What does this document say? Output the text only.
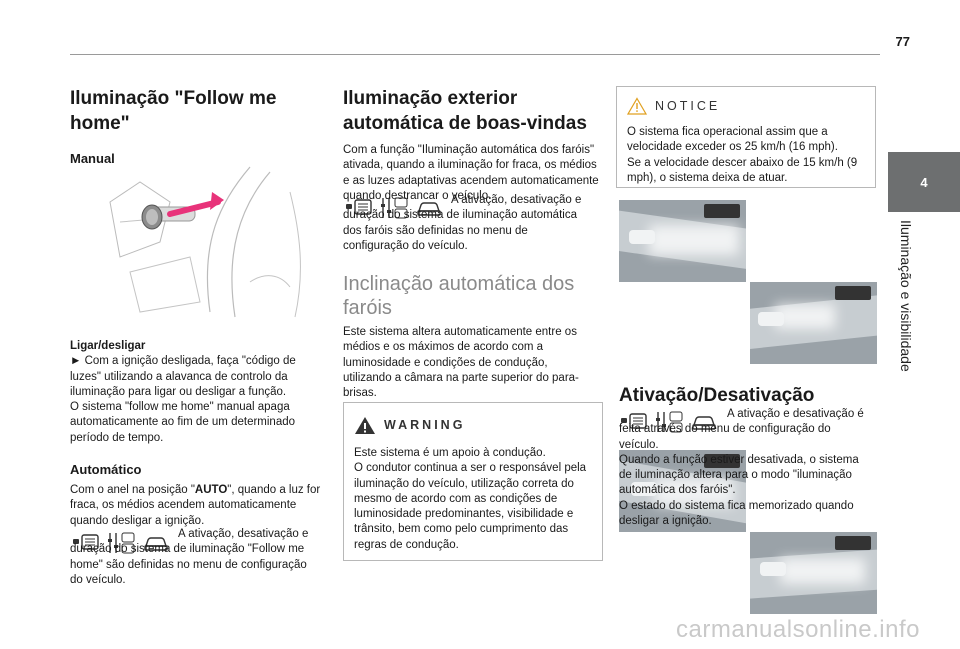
77
4
Iluminação e visibilidade
Iluminação "Follow me home"
Manual

Ligar/desligar

► Com a ignição desligada, faça "código de luzes" utilizando a alavanca de controlo da iluminação para ligar ou desligar a função.

O sistema "follow me home" manual apaga automaticamente ao fim de um determinado período de tempo.

Automático

Com o anel na posição "AUTO", quando a luz for fraca, os médios acendem automaticamente quando desligar a ignição.

A ativação, desativação e duração do sistema de iluminação "Follow me home" são definidas no menu de configuração do veículo.
Iluminação exterior automática de boas-vindas

Com a função "Iluminação automática dos faróis" ativada, quando a iluminação for fraca, os médios e as luzes adaptativas acendem automaticamente quando destrancar o veículo.

A ativação, desativação e duração do sistema de iluminação automática dos faróis são definidas no menu de configuração do veículo.
Inclinação automática dos faróis
Este sistema altera automaticamente entre os médios e os máximos de acordo com a luminosidade e condições de condução, utilizando a câmara na parte superior do para-brisas.
WARNING

Este sistema é um apoio à condução.

O condutor continua a ser o responsável pela iluminação do veículo, utilização correta do mesmo de acordo com as condições de luminosidade predominantes, visibilidade e trânsito, bem como pelo cumprimento das regras de condução.

NOTICE

O sistema fica operacional assim que a velocidade exceder os 25 km/h (16 mph).

Se a velocidade descer abaixo de 15 km/h (9 mph), o sistema deixa de atuar.

Ativação/Desativação

A ativação e desativação é feita através do menu de configuração do veículo.

Quando a função estiver desativada, o sistema de iluminação altera para o modo "iluminação automática dos faróis".

O estado do sistema fica memorizado quando desligar a ignição.

carmanualsonline.info
